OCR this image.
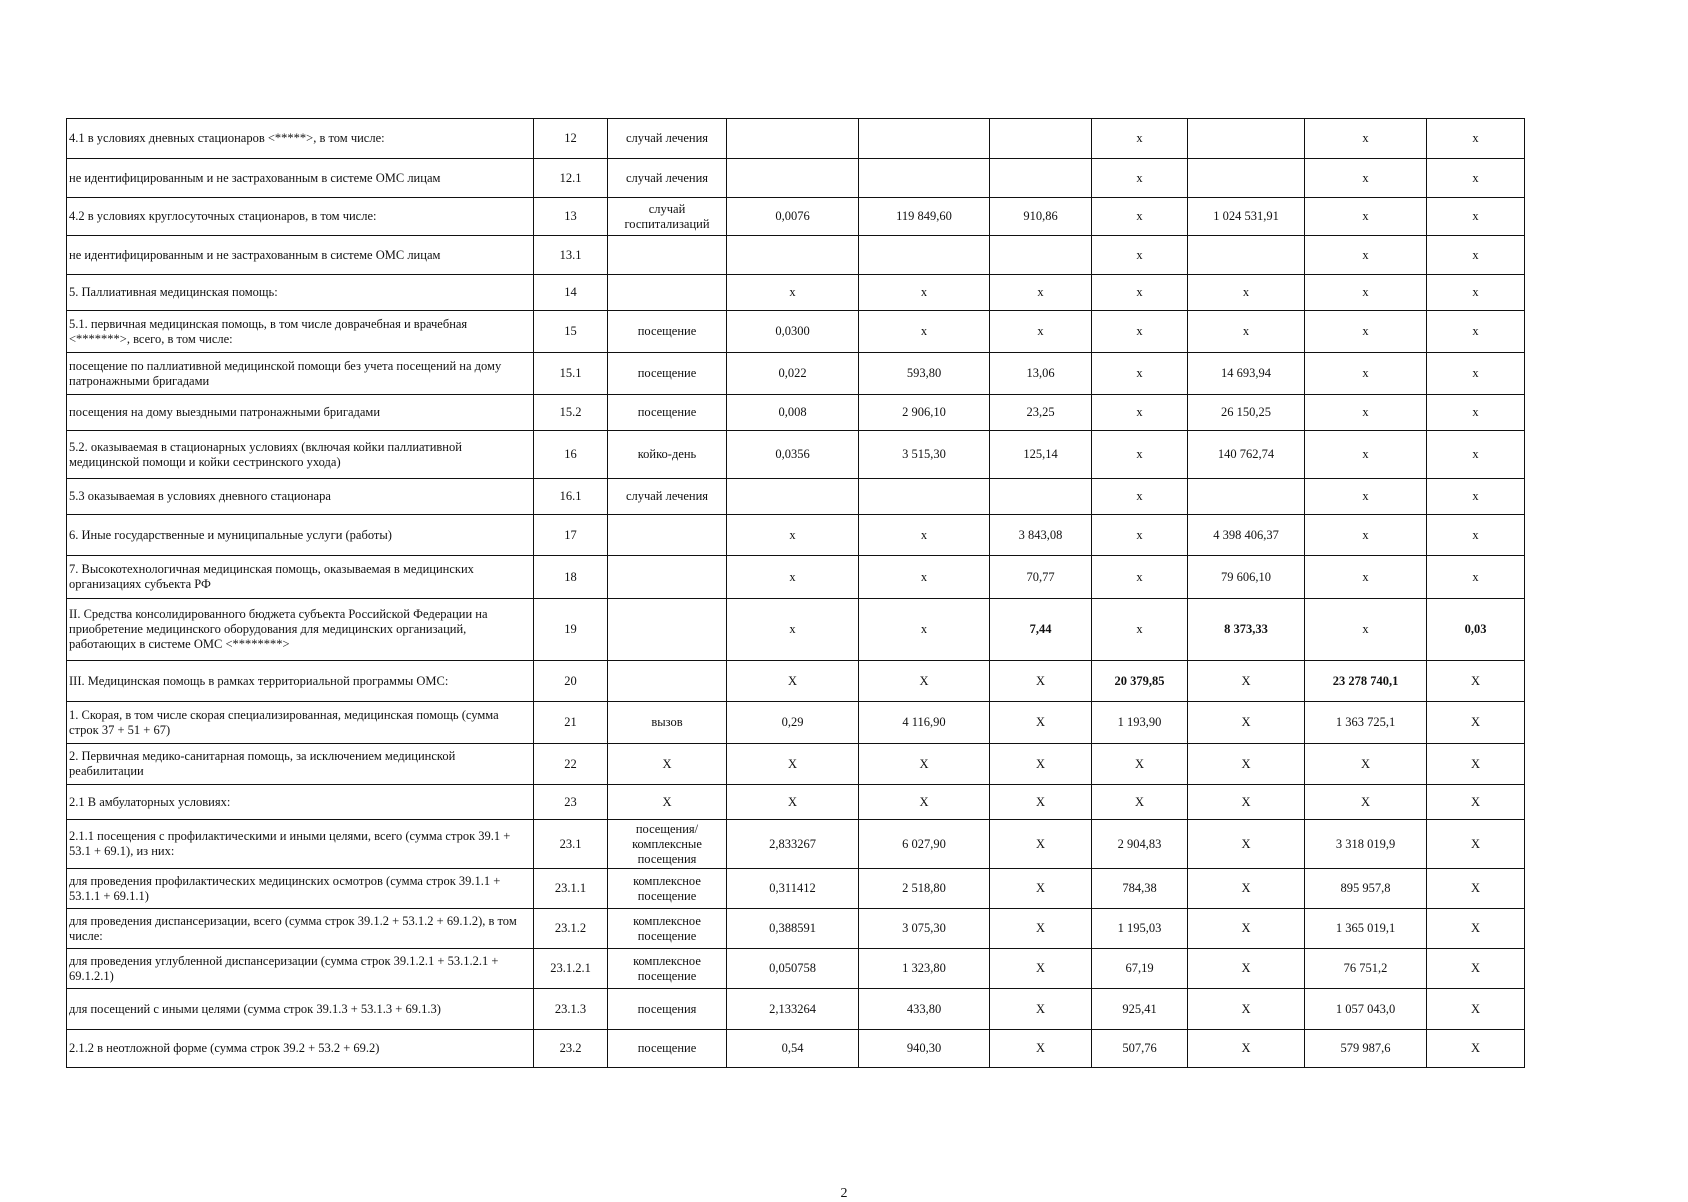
4.1 в условиях дневных стационаров <*****>, в том числе:	12	случай лечения				x		x	x
не идентифицированным и не застрахованным в системе ОМС лицам	12.1	случай лечения				x		x	x
4.2 в условиях круглосуточных стационаров, в том числе:	13	случай госпитализаций	0,0076	119 849,60	910,86	x	1 024 531,91	x	x
не идентифицированным и не застрахованным в системе ОМС лицам	13.1					x		x	x
5. Паллиативная медицинская помощь:	14		x	x	x	x	x	x	x
5.1. первичная медицинская помощь, в том числе доврачебная и врачебная <*******>, всего, в том числе:	15	посещение	0,0300	x	x	x	x	x	x
посещение по паллиативной медицинской помощи без учета посещений на дому патронажными бригадами	15.1	посещение	0,022	593,80	13,06	x	14 693,94	x	x
посещения на дому выездными патронажными бригадами	15.2	посещение	0,008	2 906,10	23,25	x	26 150,25	x	x
5.2. оказываемая в стационарных условиях (включая койки паллиативной медицинской помощи и койки сестринского ухода)	16	койко-день	0,0356	3 515,30	125,14	x	140 762,74	x	x
5.3 оказываемая в условиях дневного стационара	16.1	случай лечения				x		x	x
6. Иные государственные и муниципальные услуги (работы)	17		x	x	3 843,08	x	4 398 406,37	x	x
7. Высокотехнологичная медицинская помощь, оказываемая в медицинских организациях субъекта РФ	18		x	x	70,77	x	79 606,10	x	x
II. Средства консолидированного бюджета субъекта Российской Федерации на приобретение медицинского оборудования для медицинских организаций, работающих в системе ОМС <********>	19		x	x	7,44	x	8 373,33	x	0,03
III. Медицинская помощь в рамках территориальной программы ОМС:	20		X	X	X	20 379,85	X	23 278 740,1	X
1. Скорая, в том числе скорая специализированная, медицинская помощь (сумма строк 37 + 51 + 67)	21	вызов	0,29	4 116,90	X	1 193,90	X	1 363 725,1	X
2. Первичная медико-санитарная помощь, за исключением медицинской реабилитации	22	X	X	X	X	X	X	X	X
2.1 В амбулаторных условиях:	23	X	X	X	X	X	X	X	X
2.1.1 посещения с профилактическими и иными целями, всего (сумма строк 39.1 + 53.1 + 69.1), из них:	23.1	посещения/ комплексные посещения	2,833267	6 027,90	X	2 904,83	X	3 318 019,9	X
для проведения профилактических медицинских осмотров (сумма строк 39.1.1 + 53.1.1 + 69.1.1)	23.1.1	комплексное посещение	0,311412	2 518,80	X	784,38	X	895 957,8	X
для проведения диспансеризации, всего (сумма строк 39.1.2 + 53.1.2 + 69.1.2), в том числе:	23.1.2	комплексное посещение	0,388591	3 075,30	X	1 195,03	X	1 365 019,1	X
для проведения углубленной диспансеризации (сумма строк 39.1.2.1 + 53.1.2.1 + 69.1.2.1)	23.1.2.1	комплексное посещение	0,050758	1 323,80	X	67,19	X	76 751,2	X
для посещений с иными целями (сумма строк 39.1.3 + 53.1.3 + 69.1.3)	23.1.3	посещения	2,133264	433,80	X	925,41	X	1 057 043,0	X
2.1.2 в неотложной форме (сумма строк 39.2 + 53.2 + 69.2)	23.2	посещение	0,54	940,30	X	507,76	X	579 987,6	X
2
